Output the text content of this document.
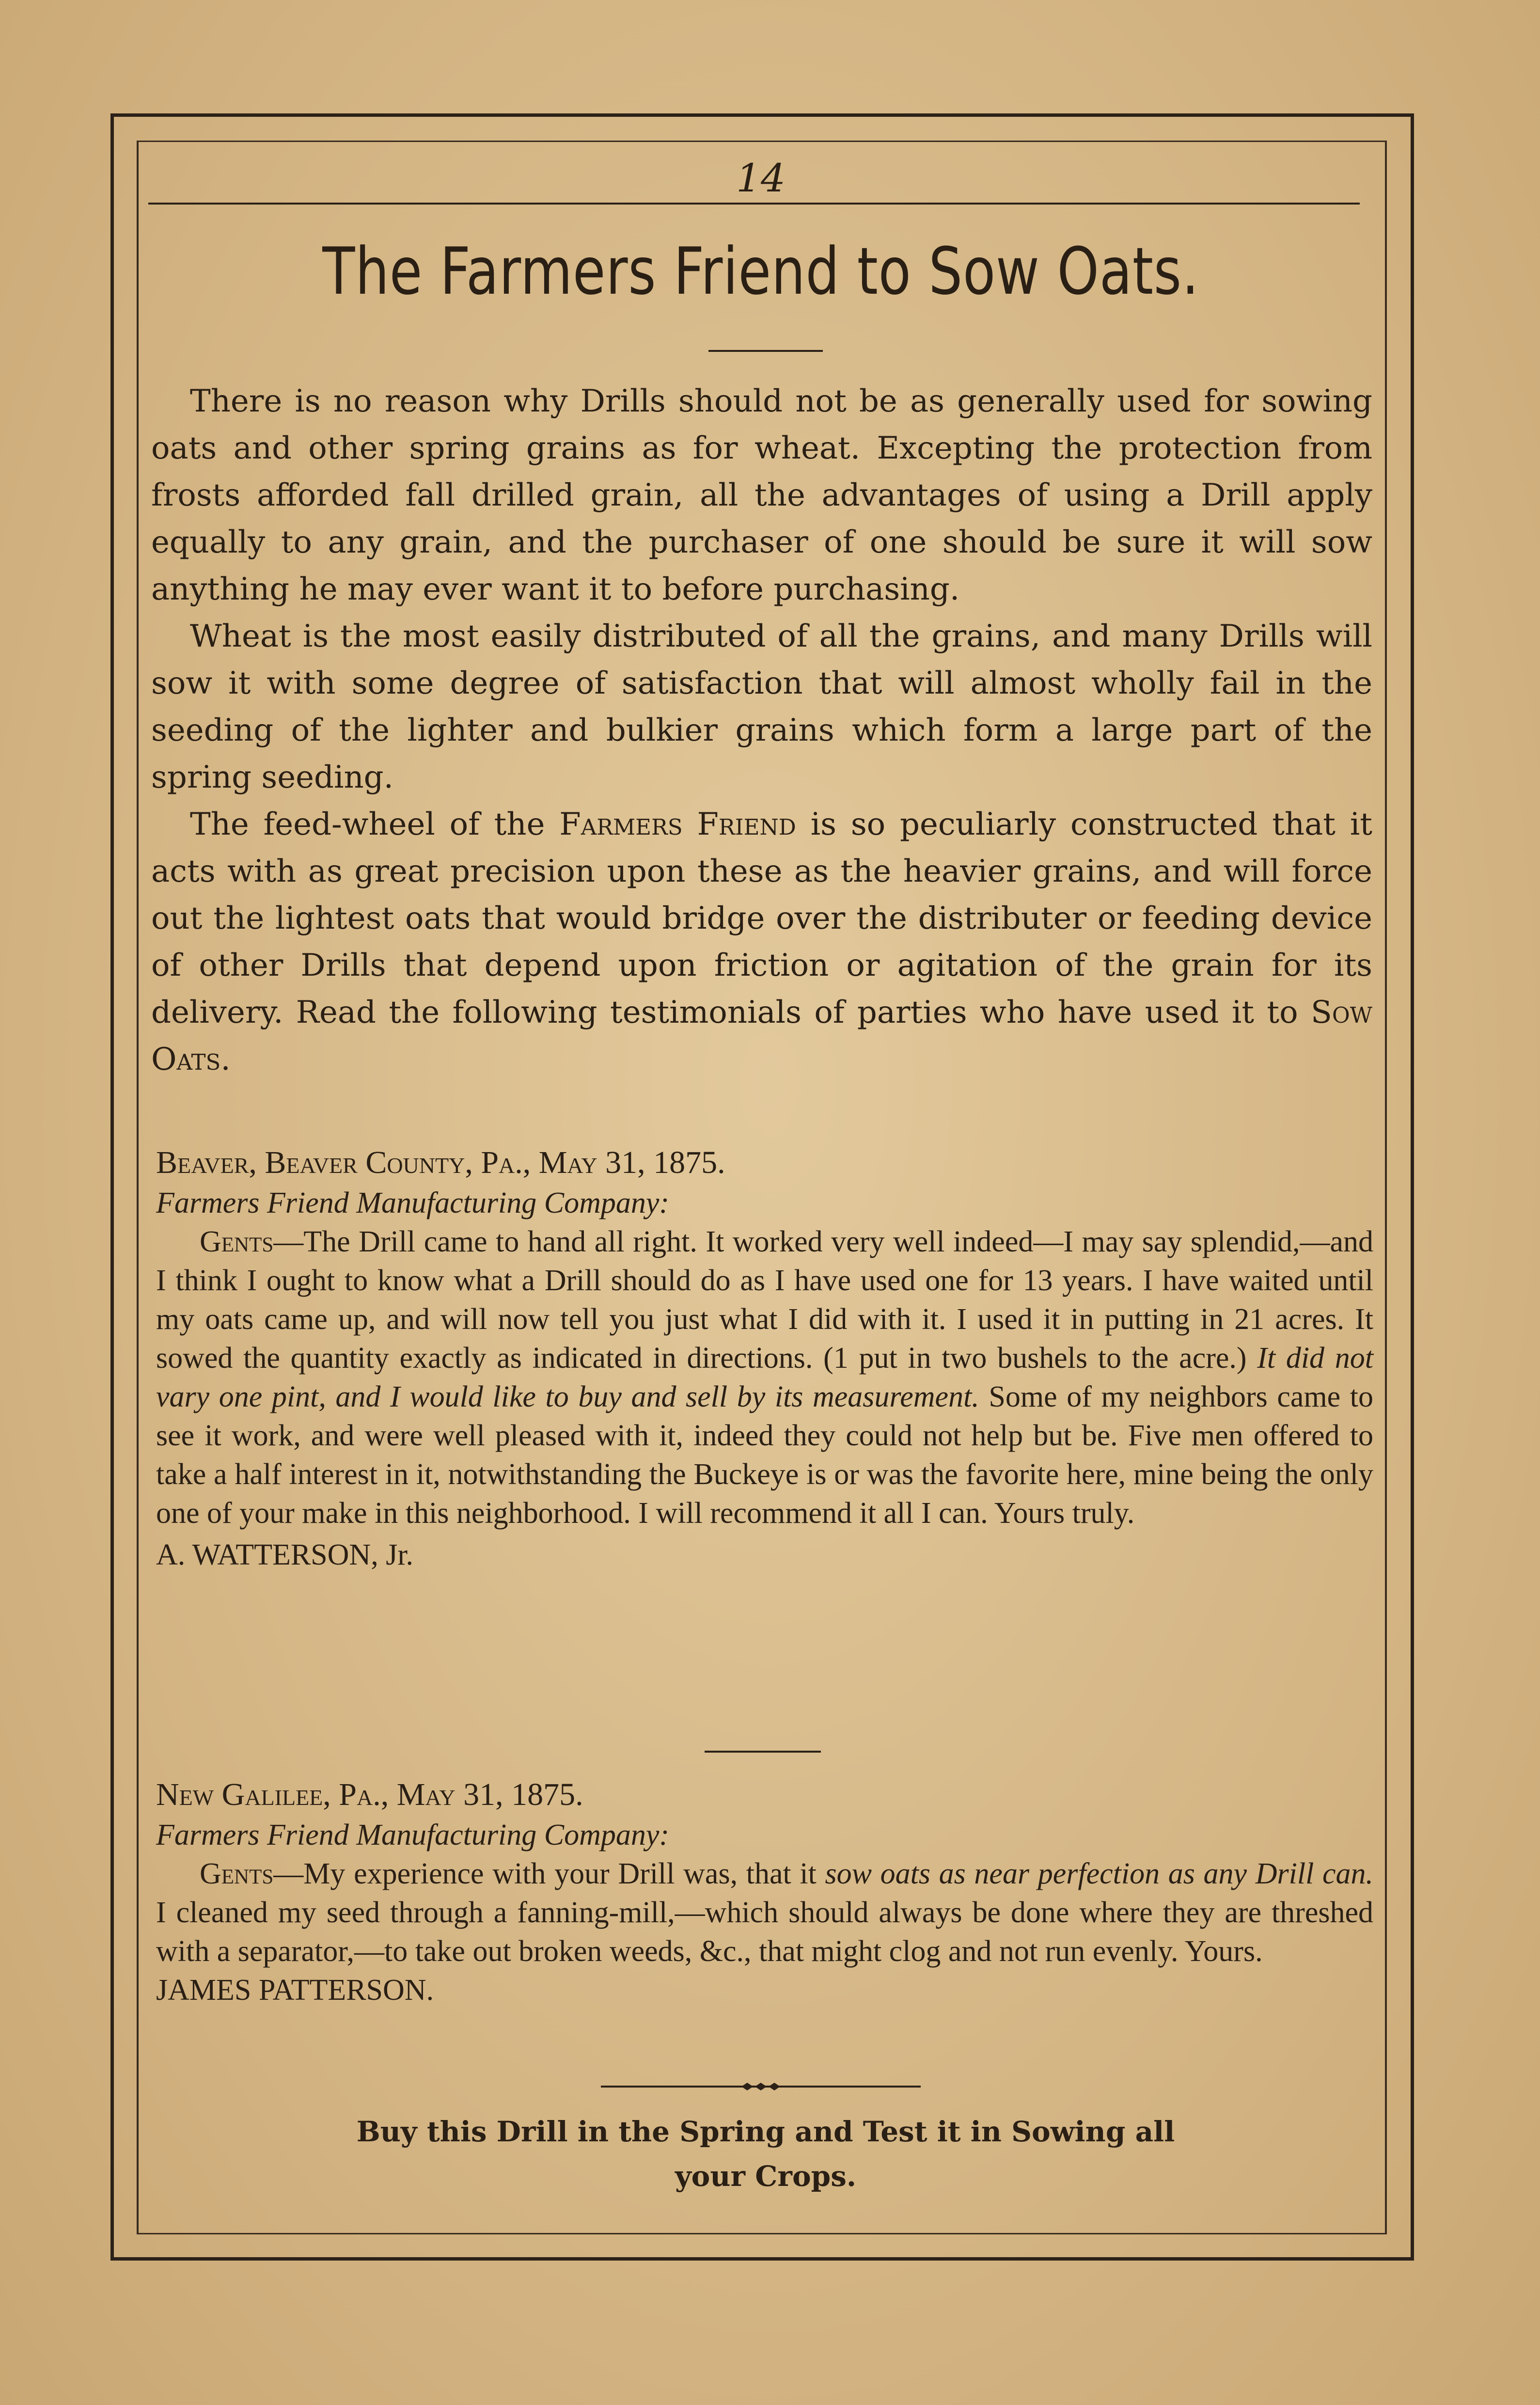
14
The Farmers Friend to Sow Oats.

There is no reason why Drills should not be as generally used for sowing oats and other spring grains as for wheat. Excepting the protection from frosts afforded fall drilled grain, all the advantages of using a Drill apply equally to any grain, and the purchaser of one should be sure it will sow anything he may ever want it to before purchasing.

Wheat is the most easily distributed of all the grains, and many Drills will sow it with some degree of satisfaction that will almost wholly fail in the seeding of the lighter and bulkier grains which form a large part of the spring seeding.

The feed-wheel of the Farmers Friend is so peculiarly constructed that it acts with as great precision upon these as the heavier grains, and will force out the lightest oats that would bridge over the distributer or feeding device of other Drills that depend upon friction or agitation of the grain for its delivery. Read the following testimonials of parties who have used it to Sow Oats.

Beaver, Beaver County, Pa., May 31, 1875.

Farmers Friend Manufacturing Company:

Gents—The Drill came to hand all right. It worked very well indeed—I may say splendid,—and I think I ought to know what a Drill should do as I have used one for 13 years. I have waited until my oats came up, and will now tell you just what I did with it. I used it in putting in 21 acres. It sowed the quantity exactly as indicated in directions. (1 put in two bushels to the acre.) It did not vary one pint, and I would like to buy and sell by its measurement. Some of my neighbors came to see it work, and were well pleased with it, indeed they could not help but be. Five men offered to take a half interest in it, notwithstanding the Buckeye is or was the favorite here, mine being the only one of your make in this neighborhood. I will recommend it all I can. Yours truly.

A. WATTERSON, Jr.

New Galilee, Pa., May 31, 1875.

Farmers Friend Manufacturing Company:

Gents—My experience with your Drill was, that it sow oats as near perfection as any Drill can. I cleaned my seed through a fanning-mill,—which should always be done where they are threshed with a separator,—to take out broken weeds, &c., that might clog and not run evenly. Yours.

JAMES PATTERSON.

Buy this Drill in the Spring and Test it in Sowing all
your Crops.
